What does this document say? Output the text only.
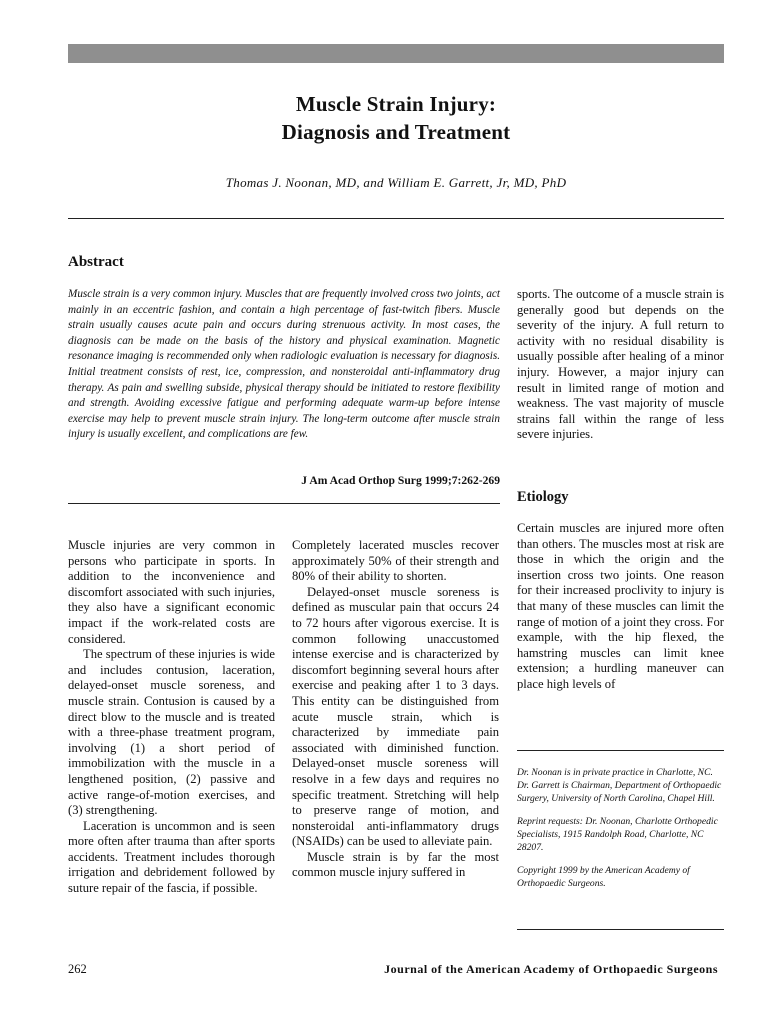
Muscle Strain Injury:
Diagnosis and Treatment
Thomas J. Noonan, MD, and William E. Garrett, Jr, MD, PhD
Abstract

Muscle strain is a very common injury. Muscles that are frequently involved cross two joints, act mainly in an eccentric fashion, and contain a high percentage of fast-twitch fibers. Muscle strain usually causes acute pain and occurs during strenuous activity. In most cases, the diagnosis can be made on the basis of the history and physical examination. Magnetic resonance imaging is recommended only when radiologic evaluation is necessary for diagnosis. Initial treatment consists of rest, ice, compression, and nonsteroidal anti-inflammatory drug therapy. As pain and swelling subside, physical therapy should be initiated to restore flexibility and strength. Avoiding excessive fatigue and performing adequate warm-up before intense exercise may help to prevent muscle strain injury. The long-term outcome after muscle strain injury is usually excellent, and complications are few.

J Am Acad Orthop Surg 1999;7:262-269

Muscle injuries are very common in persons who participate in sports. In addition to the inconvenience and discomfort associated with such injuries, they also have a significant economic impact if the work-related costs are considered.

The spectrum of these injuries is wide and includes contusion, laceration, delayed-onset muscle soreness, and muscle strain. Contusion is caused by a direct blow to the muscle and is treated with a three-phase treatment program, involving (1) a short period of immobilization with the muscle in a lengthened position, (2) passive and active range-of-motion exercises, and (3) strengthening.

Laceration is uncommon and is seen more often after trauma than after sports accidents. Treatment includes thorough irrigation and debridement followed by suture repair of the fascia, if possible.

Completely lacerated muscles recover approximately 50% of their strength and 80% of their ability to shorten.

Delayed-onset muscle soreness is defined as muscular pain that occurs 24 to 72 hours after vigorous exercise. It is common following unaccustomed intense exercise and is characterized by discomfort beginning several hours after exercise and peaking after 1 to 3 days. This entity can be distinguished from acute muscle strain, which is characterized by immediate pain associated with diminished function. Delayed-onset muscle soreness will resolve in a few days and requires no specific treatment. Stretching will help to preserve range of motion, and nonsteroidal anti-inflammatory drugs (NSAIDs) can be used to alleviate pain.

Muscle strain is by far the most common muscle injury suffered in

sports. The outcome of a muscle strain is generally good but depends on the severity of the injury. A full return to activity with no residual disability is usually possible after healing of a minor injury. However, a major injury can result in limited range of motion and weakness. The vast majority of muscle strains fall within the range of less severe injuries.

Etiology

Certain muscles are injured more often than others. The muscles most at risk are those in which the origin and the insertion cross two joints. One reason for their increased proclivity to injury is that many of these muscles can limit the range of motion of a joint they cross. For example, with the hip flexed, the hamstring muscles can limit knee extension; a hurdling maneuver can place high levels of

Dr. Noonan is in private practice in Charlotte, NC. Dr. Garrett is Chairman, Department of Orthopaedic Surgery, University of North Carolina, Chapel Hill.

Reprint requests: Dr. Noonan, Charlotte Orthopedic Specialists, 1915 Randolph Road, Charlotte, NC 28207.

Copyright 1999 by the American Academy of Orthopaedic Surgeons.

262	Journal of the American Academy of Orthopaedic Surgeons
